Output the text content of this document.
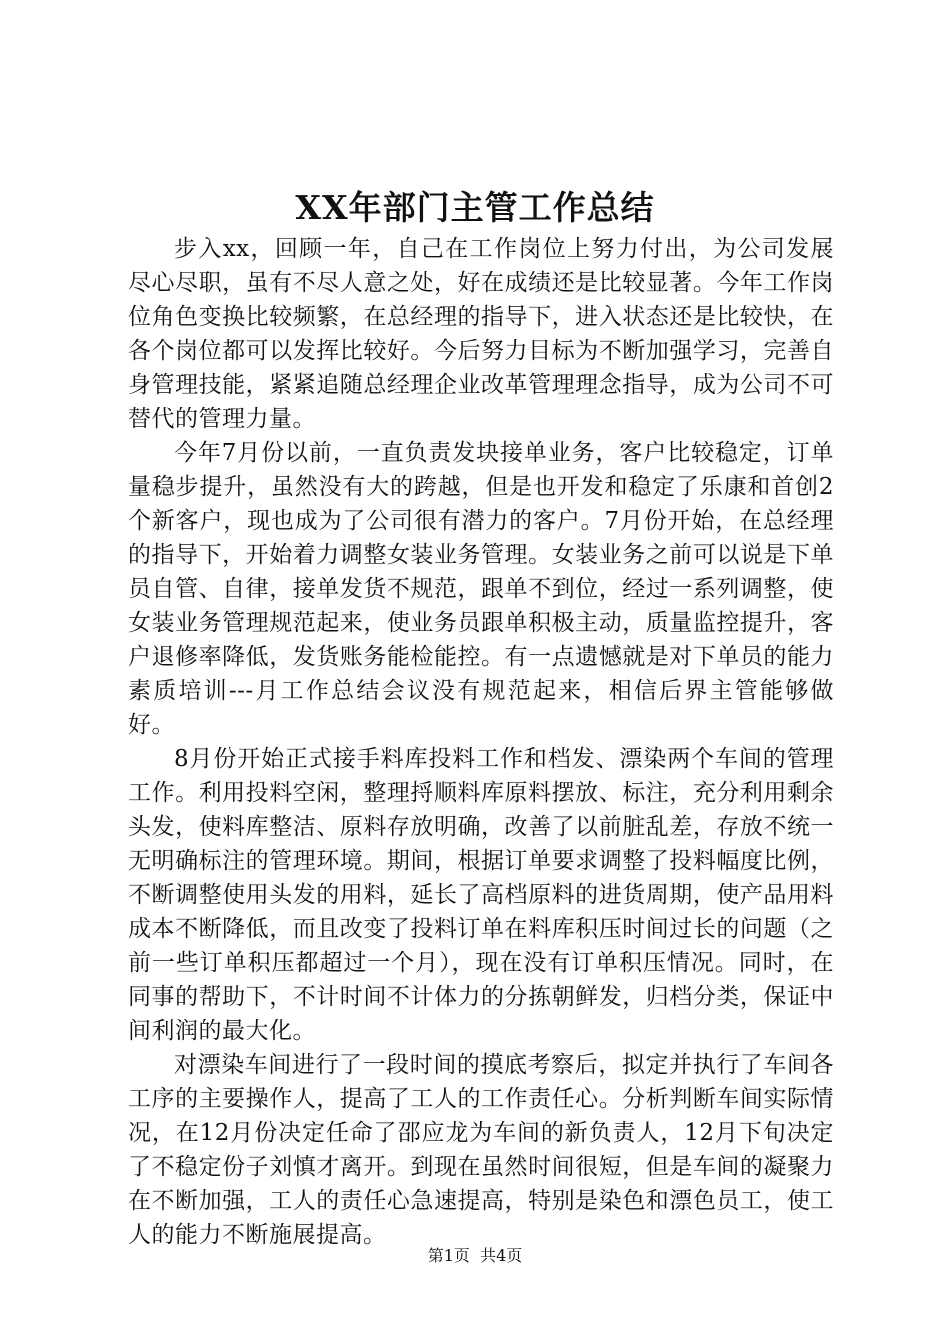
XX年部门主管工作总结

步入xx，回顾一年，自己在工作岗位上努力付出，为公司发展尽心尽职，虽有不尽人意之处，好在成绩还是比较显著。今年工作岗位角色变换比较频繁，在总经理的指导下，进入状态还是比较快，在各个岗位都可以发挥比较好。今后努力目标为不断加强学习，完善自身管理技能，紧紧追随总经理企业改革管理理念指导，成为公司不可替代的管理力量。

今年7月份以前，一直负责发块接单业务，客户比较稳定，订单量稳步提升，虽然没有大的跨越，但是也开发和稳定了乐康和首创2个新客户，现也成为了公司很有潜力的客户。7月份开始，在总经理的指导下，开始着力调整女装业务管理。女装业务之前可以说是下单员自管、自律，接单发货不规范，跟单不到位，经过一系列调整，使女装业务管理规范起来，使业务员跟单积极主动，质量监控提升，客户退修率降低，发货账务能检能控。有一点遗憾就是对下单员的能力素质培训---月工作总结会议没有规范起来，相信后界主管能够做好。

8月份开始正式接手料库投料工作和档发、漂染两个车间的管理工作。利用投料空闲，整理捋顺料库原料摆放、标注，充分利用剩余头发，使料库整洁、原料存放明确，改善了以前脏乱差，存放不统一无明确标注的管理环境。期间，根据订单要求调整了投料幅度比例，不断调整使用头发的用料，延长了高档原料的进货周期，使产品用料成本不断降低，而且改变了投料订单在料库积压时间过长的问题（之前一些订单积压都超过一个月），现在没有订单积压情况。同时，在同事的帮助下，不计时间不计体力的分拣朝鲜发，归档分类，保证中间利润的最大化。

对漂染车间进行了一段时间的摸底考察后，拟定并执行了车间各工序的主要操作人，提高了工人的工作责任心。分析判断车间实际情况，在12月份决定任命了邵应龙为车间的新负责人，12月下旬决定了不稳定份子刘慎才离开。到现在虽然时间很短，但是车间的凝聚力在不断加强，工人的责任心急速提高，特别是染色和漂色员工，使工人的能力不断施展提高。

第1页  共4页
